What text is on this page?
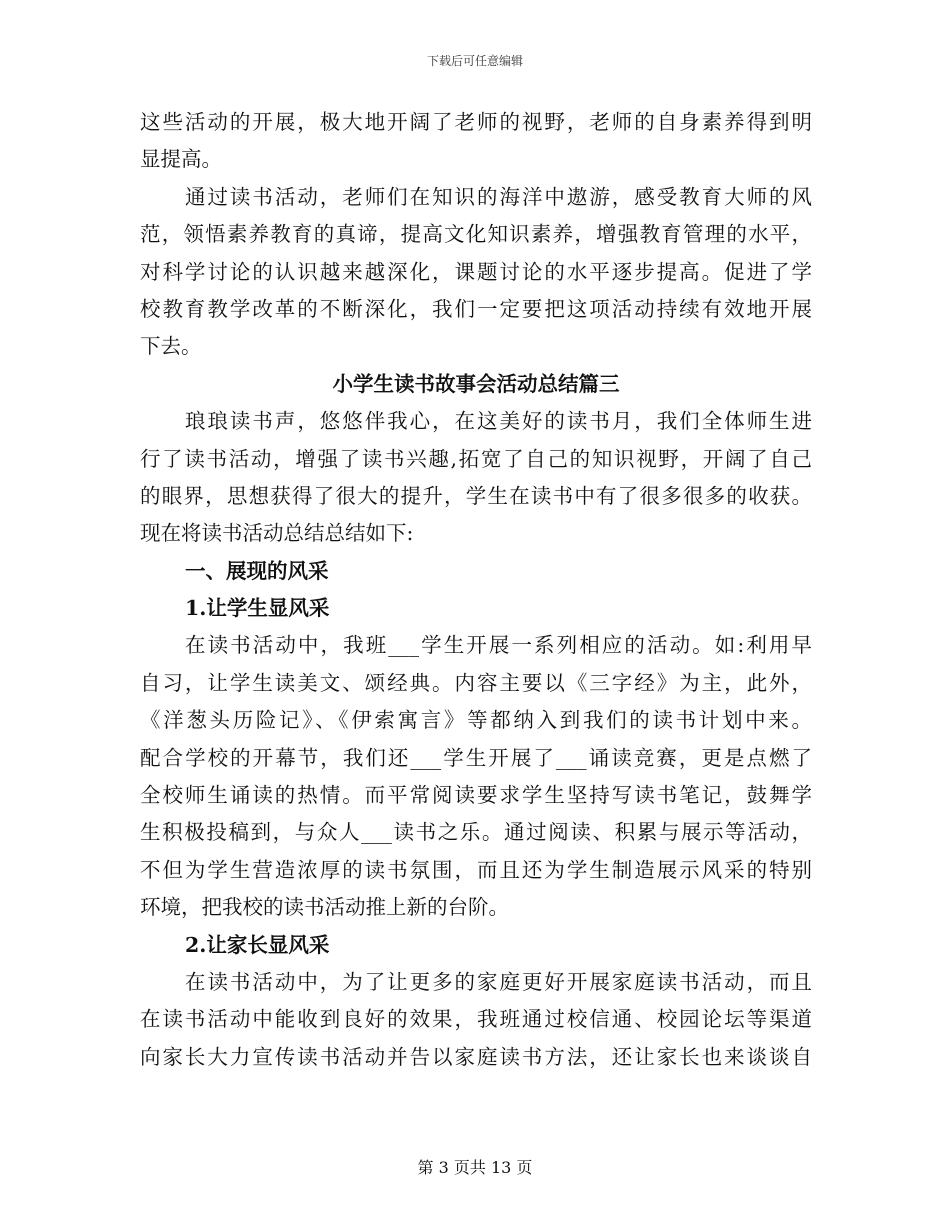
下载后可任意编辑
这些活动的开展，极大地开阔了老师的视野，老师的自身素养得到明
显提高。
通过读书活动，老师们在知识的海洋中遨游，感受教育大师的风
范，领悟素养教育的真谛，提高文化知识素养，增强教育管理的水平，
对科学讨论的认识越来越深化，课题讨论的水平逐步提高。促进了学
校教育教学改革的不断深化，我们一定要把这项活动持续有效地开展
下去。
小学生读书故事会活动总结篇三
琅琅读书声，悠悠伴我心，在这美好的读书月，我们全体师生进
行了读书活动，增强了读书兴趣,拓宽了自己的知识视野，开阔了自己
的眼界，思想获得了很大的提升，学生在读书中有了很多很多的收获。
现在将读书活动总结总结如下:
一、展现的风采
1.让学生显风采
在读书活动中，我班___学生开展一系列相应的活动。如:利用早
自习，让学生读美文、颂经典。内容主要以《三字经》为主，此外，
《洋葱头历险记》、《伊索寓言》等都纳入到我们的读书计划中来。
配合学校的开幕节，我们还___学生开展了___诵读竞赛，更是点燃了
全校师生诵读的热情。而平常阅读要求学生坚持写读书笔记，鼓舞学
生积极投稿到，与众人___读书之乐。通过阅读、积累与展示等活动，
不但为学生营造浓厚的读书氛围，而且还为学生制造展示风采的特别
环境，把我校的读书活动推上新的台阶。
2.让家长显风采
在读书活动中，为了让更多的家庭更好开展家庭读书活动，而且
在读书活动中能收到良好的效果，我班通过校信通、校园论坛等渠道
向家长大力宣传读书活动并告以家庭读书方法，还让家长也来谈谈自
第 3 页共 13 页
